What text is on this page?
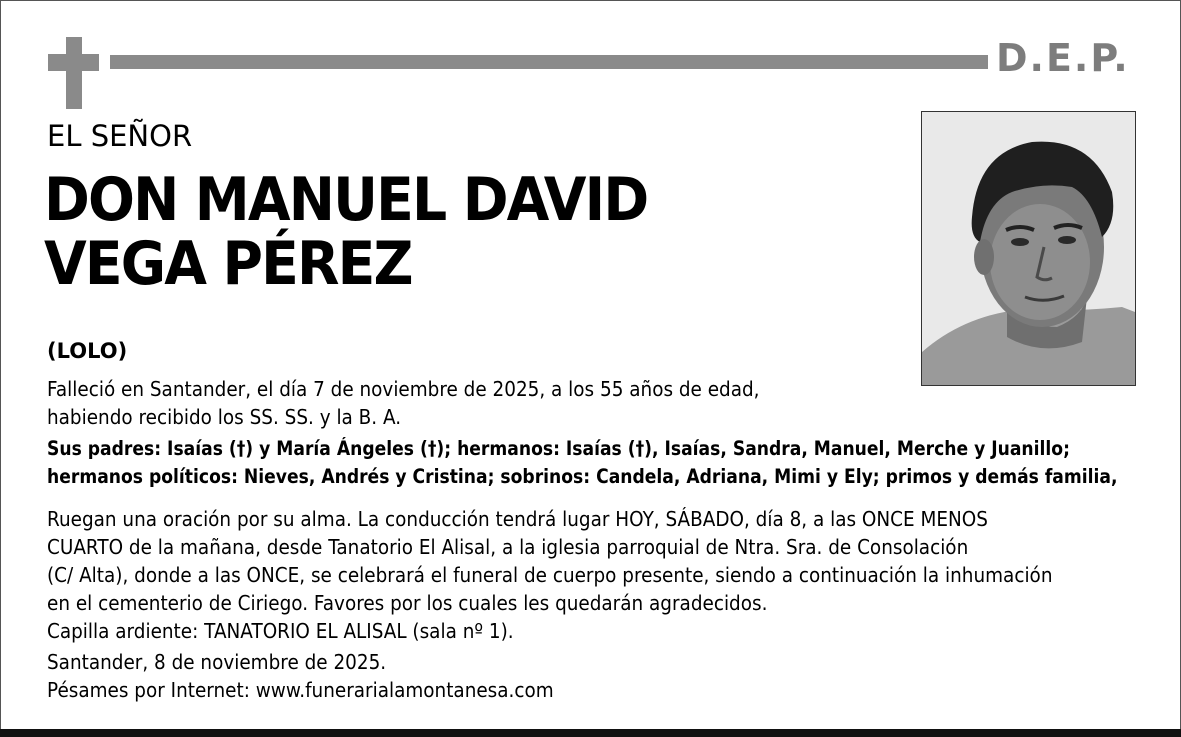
D.E.P.
EL SEÑOR
DON MANUEL DAVID
VEGA PÉREZ
(LOLO)
Falleció en Santander, el día 7 de noviembre de 2025, a los 55 años de edad,
habiendo recibido los SS. SS. y la B. A.
Sus padres: Isaías (†) y María Ángeles (†); hermanos: Isaías (†), Isaías, Sandra, Manuel, Merche y Juanillo;
hermanos políticos: Nieves, Andrés y Cristina; sobrinos: Candela, Adriana, Mimi y Ely; primos y demás familia,
Ruegan una oración por su alma. La conducción tendrá lugar HOY, SÁBADO, día 8, a las ONCE MENOS
CUARTO de la mañana, desde Tanatorio El Alisal, a la iglesia parroquial de Ntra. Sra. de Consolación
(C/ Alta), donde a las ONCE, se celebrará el funeral de cuerpo presente, siendo a continuación la inhumación
en el cementerio de Ciriego. Favores por los cuales les quedarán agradecidos.
Capilla ardiente: TANATORIO EL ALISAL (sala nº 1).
Santander, 8 de noviembre de 2025.
Pésames por Internet: www.funerarialamontanesa.com
